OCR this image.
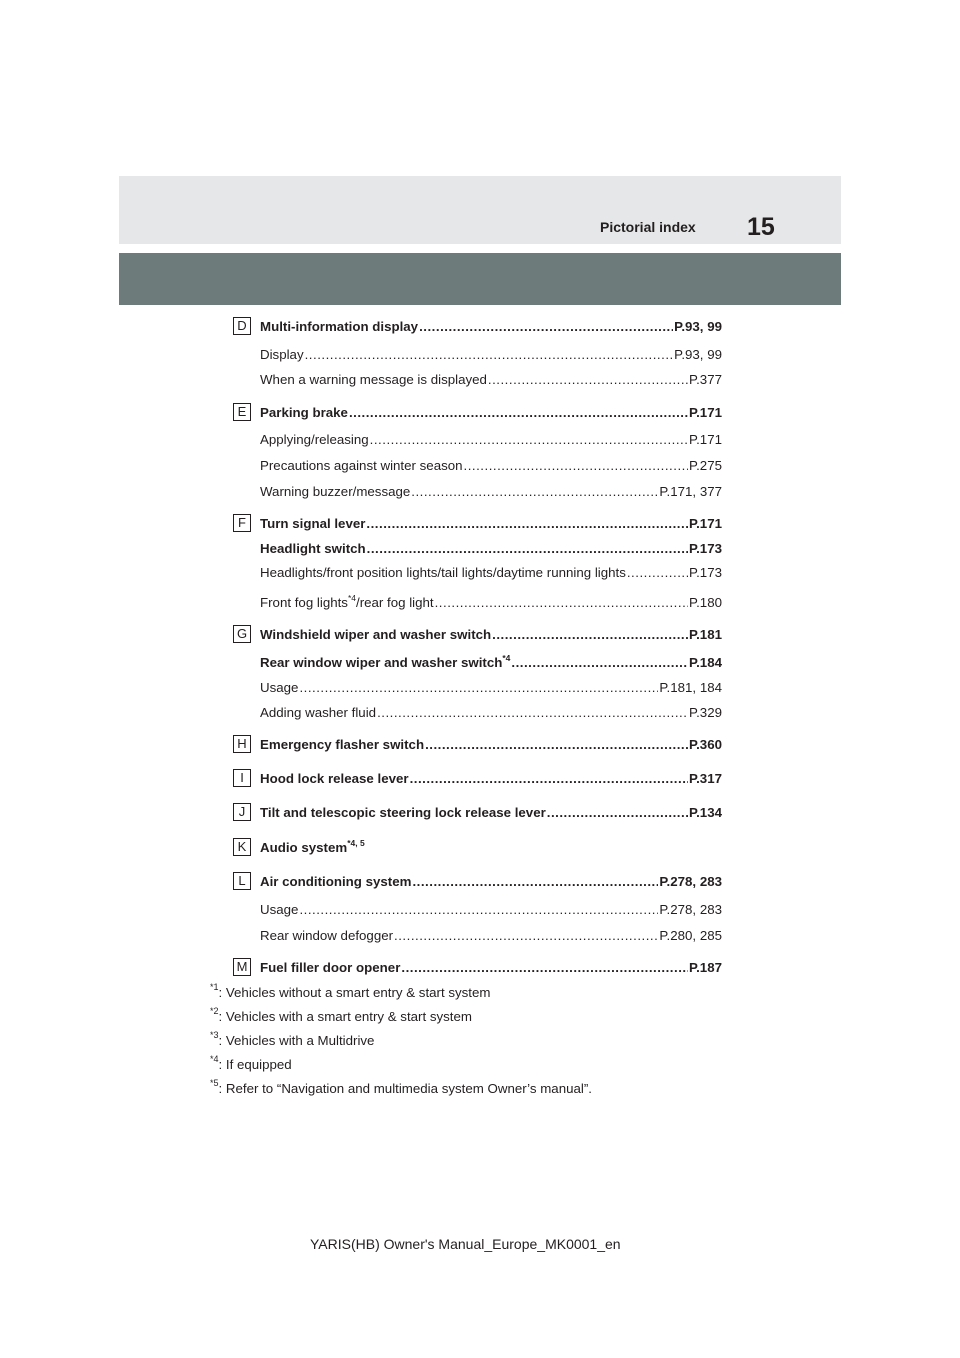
Pictorial index 15
D	Multi-information display .....	P.93, 99
Display .....	P.93, 99
When a warning message is displayed .....	P.377
E	Parking brake .....	P.171
Applying/releasing .....	P.171
Precautions against winter season .....	P.275
Warning buzzer/message .....	P.171, 377
F	Turn signal lever .....	P.171
Headlight switch .....	P.173
Headlights/front position lights/tail lights/daytime running lights .....	P.173
Front fog lights$^{*4}$/rear fog light .....	P.180
G Windshield wiper and washer switch .....	P.181
Rear window wiper and washer switch$^{*4}$ .....	P.184
Usage .....	P.181, 184
Adding washer fluid .....	P.329
H	Emergency flasher switch .....	P.360
I	Hood lock release lever .....	P.317
J	Tilt and telescopic steering lock release lever .....	P.134
K	Audio system$^{*4, 5}$
L	Air conditioning system .....	P.278, 283
Usage .....	P.278, 283
Rear window defogger .....	P.280, 285
M Fuel filler door opener .....	P.187
$^{*1}$: Vehicles without a smart entry & start system
$^{*2}$: Vehicles with a smart entry & start system
$^{*3}$: Vehicles with a Multidrive
$^{*4}$: If equipped
$^{*5}$: Refer to “Navigation and multimedia system Owner’s manual”.
YARIS(HB) Owner's Manual_Europe_MK0001_en
